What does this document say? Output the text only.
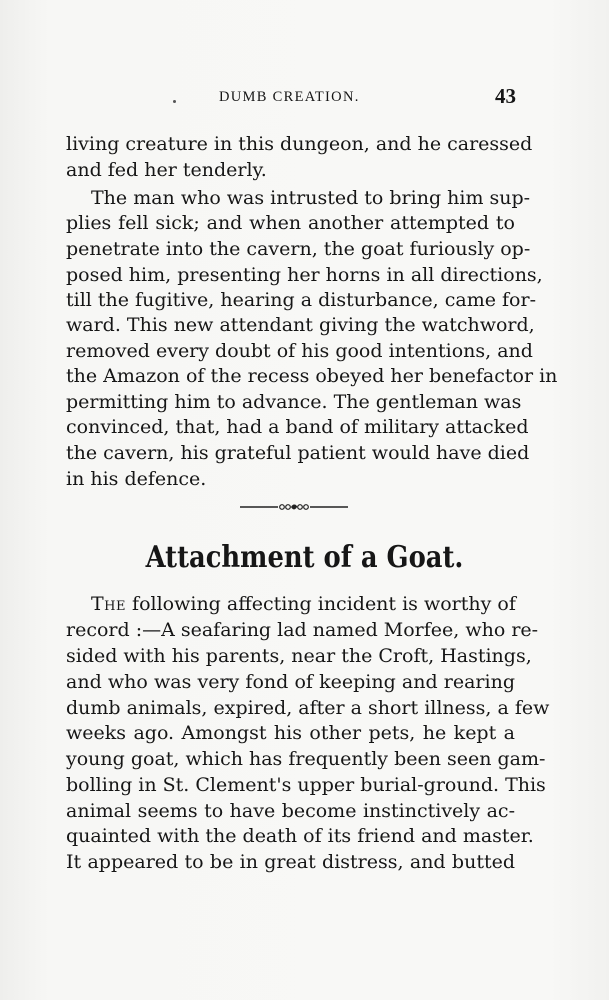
DUMB CREATION.	43
living creature in this dungeon, and he caressed
and fed her tenderly.
The man who was intrusted to bring him sup-
plies fell sick; and when another attempted to
penetrate into the cavern, the goat furiously op-
posed him, presenting her horns in all directions,
till the fugitive, hearing a disturbance, came for-
ward. This new attendant giving the watchword,
removed every doubt of his good intentions, and
the Amazon of the recess obeyed her benefactor in
permitting him to advance. The gentleman was
convinced, that, had a band of military attacked
the cavern, his grateful patient would have died
in his defence.
Attachment of a Goat.
The following affecting incident is worthy of
record :—A seafaring lad named Morfee, who re-
sided with his parents, near the Croft, Hastings,
and who was very fond of keeping and rearing
dumb animals, expired, after a short illness, a few
weeks ago. Amongst his other pets, he kept a
young goat, which has frequently been seen gam-
bolling in St. Clement's upper burial-ground. This
animal seems to have become instinctively ac-
quainted with the death of its friend and master.
It appeared to be in great distress, and butted
